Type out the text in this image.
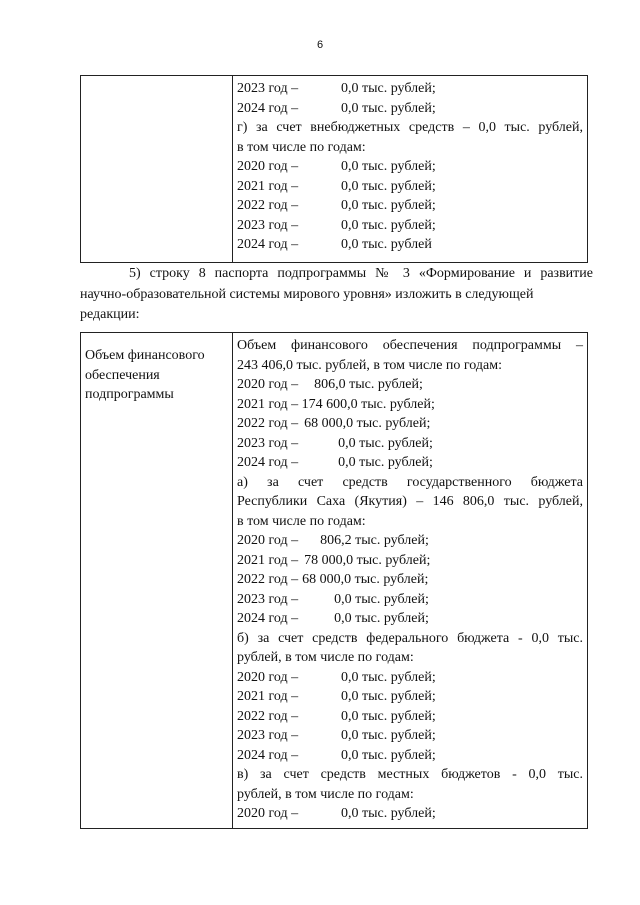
6

2023 год –	0,0 тыс. рублей;
2024 год –	0,0 тыс. рублей;
г) за счет внебюджетных средств – 0,0 тыс. рублей,
в том числе по годам:
2020 год –	0,0 тыс. рублей;
2021 год –	0,0 тыс. рублей;
2022 год –	0,0 тыс. рублей;
2023 год –	0,0 тыс. рублей;
2024 год –	0,0 тыс. рублей
5) строку 8 паспорта подпрограммы № 3 «Формирование и развитие
научно-образовательной системы мирового уровня» изложить в следующей
редакции:
Объем финансового
обеспечения
подпрограммы

Объем финансового обеспечения подпрограммы –
243 406,0 тыс. рублей, в том числе по годам:
2020 год – 806,0 тыс. рублей;
2021 год – 174 600,0 тыс. рублей;
2022 год – 68 000,0 тыс. рублей;
2023 год –	0,0 тыс. рублей;
2024 год –	0,0 тыс. рублей;
а) за счет средств государственного бюджета
Республики Саха (Якутия) – 146 806,0 тыс. рублей,
в том числе по годам:
2020 год – 806,2 тыс. рублей;
2021 год – 78 000,0 тыс. рублей;
2022 год – 68 000,0 тыс. рублей;
2023 год –	0,0 тыс. рублей;
2024 год –	0,0 тыс. рублей;
б) за счет средств федерального бюджета - 0,0 тыс.
рублей, в том числе по годам:
2020 год –	0,0 тыс. рублей;
2021 год –	0,0 тыс. рублей;
2022 год –	0,0 тыс. рублей;
2023 год –	0,0 тыс. рублей;
2024 год –	0,0 тыс. рублей;
в) за счет средств местных бюджетов - 0,0 тыс.
рублей, в том числе по годам:
2020 год –	0,0 тыс. рублей;
